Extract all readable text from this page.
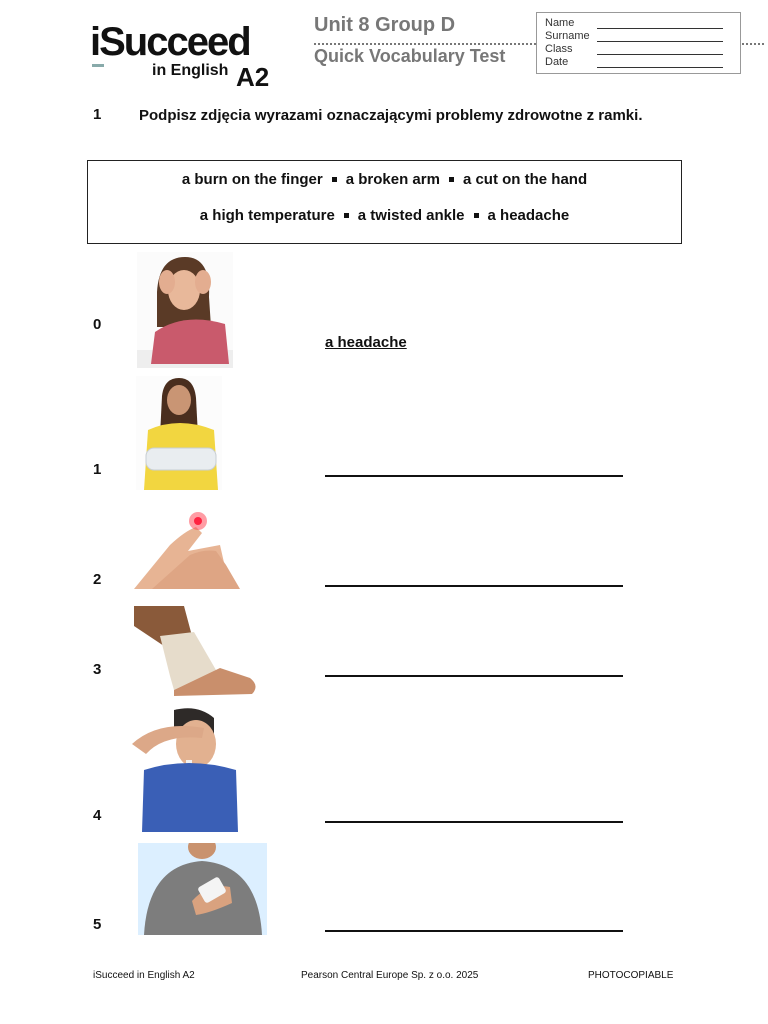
iSucceed
in English A2
Unit 8 Group D
Quick Vocabulary Test
Name
Surname
Class
Date
1	Podpisz zdjęcia wyrazami oznaczającymi problemy zdrowotne z ramki.
a burn on the finger a broken arm a cut on the hand
a high temperature a twisted ankle a headache
0
a headache
1
2
3
4
5
iSucceed in English A2	Pearson Central Europe Sp. z o.o. 2025	PHOTOCOPIABLE
